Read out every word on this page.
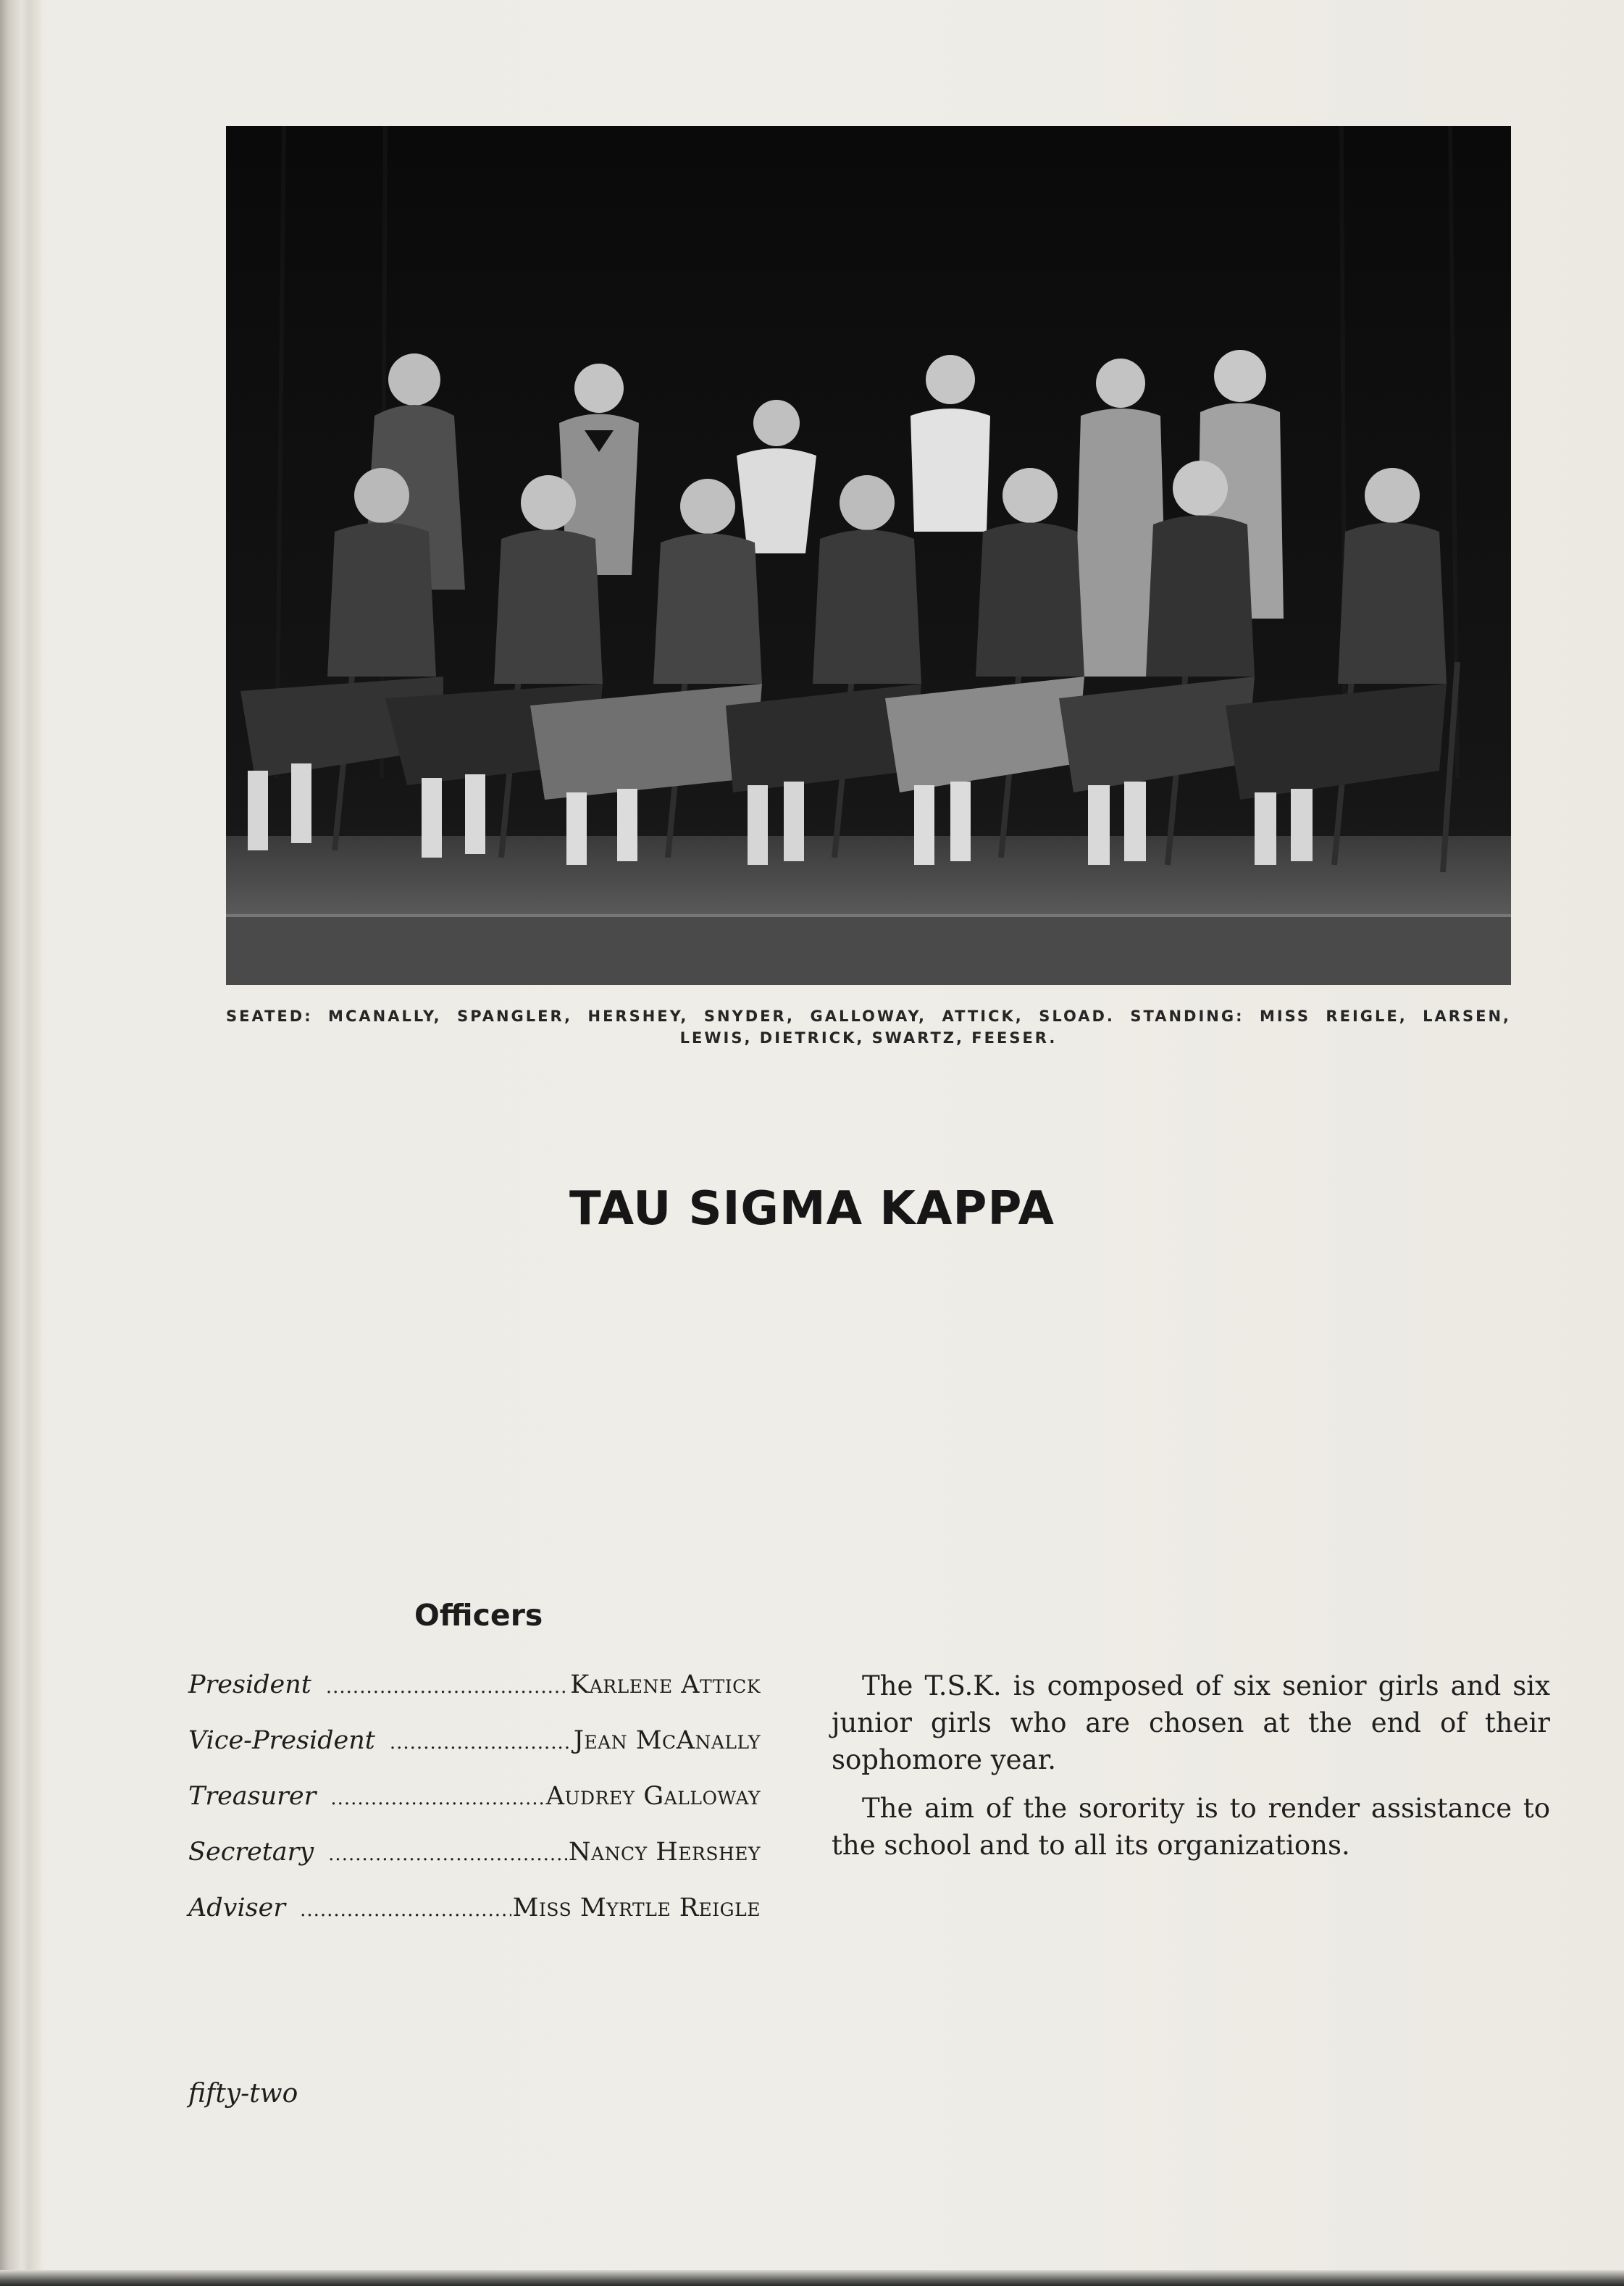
SEATED: MCANALLY, SPANGLER, HERSHEY, SNYDER, GALLOWAY, ATTICK, SLOAD. STANDING: MISS REIGLE, LARSEN,
LEWIS, DIETRICK, SWARTZ, FEESER.
TAU SIGMA KAPPA
Officers
President .....	Karlene Attick
Vice-President .....	Jean McAnally
Treasurer .....	Audrey Galloway
Secretary .....	Nancy Hershey
Adviser .....	Miss Myrtle Reigle

The T.S.K. is composed of six senior girls and six junior girls who are chosen at the end of their sophomore year.

The aim of the sorority is to render assistance to the school and to all its organizations.

fifty-two
